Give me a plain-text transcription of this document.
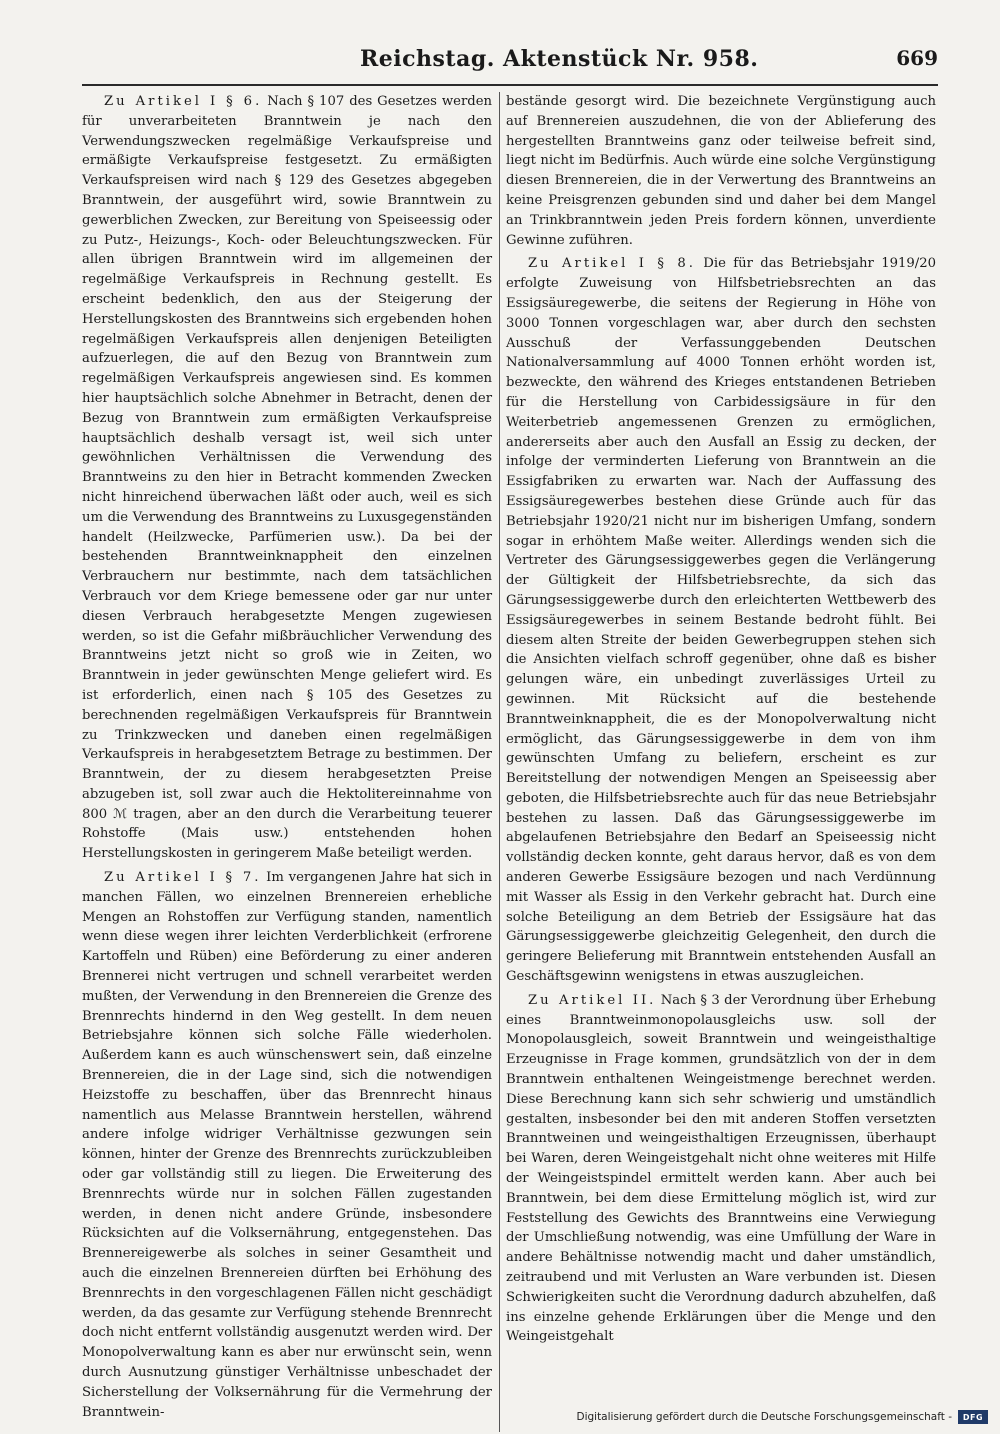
Reichstag. Aktenstück Nr. 958.	669

Zu Artikel I § 6. Nach § 107 des Gesetzes werden für unverarbeiteten Branntwein je nach den Verwendungszwecken regelmäßige Verkaufspreise und ermäßigte Verkaufspreise festgesetzt. Zu ermäßigten Verkaufspreisen wird nach § 129 des Gesetzes abgegeben Branntwein, der ausgeführt wird, sowie Branntwein zu gewerblichen Zwecken, zur Bereitung von Speiseessig oder zu Putz-, Heizungs-, Koch- oder Beleuchtungszwecken. Für allen übrigen Branntwein wird im allgemeinen der regelmäßige Verkaufspreis in Rechnung gestellt. Es erscheint bedenklich, den aus der Steigerung der Herstellungskosten des Branntweins sich ergebenden hohen regelmäßigen Verkaufspreis allen denjenigen Beteiligten aufzuerlegen, die auf den Bezug von Branntwein zum regelmäßigen Verkaufspreis angewiesen sind. Es kommen hier hauptsächlich solche Abnehmer in Betracht, denen der Bezug von Branntwein zum ermäßigten Verkaufspreise hauptsächlich deshalb versagt ist, weil sich unter gewöhnlichen Verhältnissen die Verwendung des Branntweins zu den hier in Betracht kommenden Zwecken nicht hinreichend überwachen läßt oder auch, weil es sich um die Verwendung des Branntweins zu Luxusgegenständen handelt (Heilzwecke, Parfümerien usw.). Da bei der bestehenden Branntweinknappheit den einzelnen Verbrauchern nur bestimmte, nach dem tatsächlichen Verbrauch vor dem Kriege bemessene oder gar nur unter diesen Verbrauch herabgesetzte Mengen zugewiesen werden, so ist die Gefahr mißbräuchlicher Verwendung des Branntweins jetzt nicht so groß wie in Zeiten, wo Branntwein in jeder gewünschten Menge geliefert wird. Es ist erforderlich, einen nach § 105 des Gesetzes zu berechnenden regelmäßigen Verkaufspreis für Branntwein zu Trinkzwecken und daneben einen regelmäßigen Verkaufspreis in herabgesetztem Betrage zu bestimmen. Der Branntwein, der zu diesem herabgesetzten Preise abzugeben ist, soll zwar auch die Hektolitereinnahme von 800 ℳ tragen, aber an den durch die Verarbeitung teuerer Rohstoffe (Mais usw.) entstehenden hohen Herstellungskosten in geringerem Maße beteiligt werden.

Zu Artikel I § 7. Im vergangenen Jahre hat sich in manchen Fällen, wo einzelnen Brennereien erhebliche Mengen an Rohstoffen zur Verfügung standen, namentlich wenn diese wegen ihrer leichten Verderblichkeit (erfrorene Kartoffeln und Rüben) eine Beförderung zu einer anderen Brennerei nicht vertrugen und schnell verarbeitet werden mußten, der Verwendung in den Brennereien die Grenze des Brennrechts hindernd in den Weg gestellt. In dem neuen Betriebsjahre können sich solche Fälle wiederholen. Außerdem kann es auch wünschenswert sein, daß einzelne Brennereien, die in der Lage sind, sich die notwendigen Heizstoffe zu beschaffen, über das Brennrecht hinaus namentlich aus Melasse Branntwein herstellen, während andere infolge widriger Verhältnisse gezwungen sein können, hinter der Grenze des Brennrechts zurückzubleiben oder gar vollständig still zu liegen. Die Erweiterung des Brennrechts würde nur in solchen Fällen zugestanden werden, in denen nicht andere Gründe, insbesondere Rücksichten auf die Volksernährung, entgegenstehen. Das Brennereigewerbe als solches in seiner Gesamtheit und auch die einzelnen Brennereien dürften bei Erhöhung des Brennrechts in den vorgeschlagenen Fällen nicht geschädigt werden, da das gesamte zur Verfügung stehende Brennrecht doch nicht entfernt vollständig ausgenutzt werden wird. Der Monopolverwaltung kann es aber nur erwünscht sein, wenn durch Ausnutzung günstiger Verhältnisse unbeschadet der Sicherstellung der Volksernährung für die Vermehrung der Branntwein-

bestände gesorgt wird. Die bezeichnete Vergünstigung auch auf Brennereien auszudehnen, die von der Ablieferung des hergestellten Branntweins ganz oder teilweise befreit sind, liegt nicht im Bedürfnis. Auch würde eine solche Vergünstigung diesen Brennereien, die in der Verwertung des Branntweins an keine Preisgrenzen gebunden sind und daher bei dem Mangel an Trinkbranntwein jeden Preis fordern können, unverdiente Gewinne zuführen.

Zu Artikel I § 8. Die für das Betriebsjahr 1919/20 erfolgte Zuweisung von Hilfsbetriebsrechten an das Essigsäuregewerbe, die seitens der Regierung in Höhe von 3000 Tonnen vorgeschlagen war, aber durch den sechsten Ausschuß der Verfassunggebenden Deutschen Nationalversammlung auf 4000 Tonnen erhöht worden ist, bezweckte, den während des Krieges entstandenen Betrieben für die Herstellung von Carbidessigsäure in für den Weiterbetrieb angemessenen Grenzen zu ermöglichen, andererseits aber auch den Ausfall an Essig zu decken, der infolge der verminderten Lieferung von Branntwein an die Essigfabriken zu erwarten war. Nach der Auffassung des Essigsäuregewerbes bestehen diese Gründe auch für das Betriebsjahr 1920/21 nicht nur im bisherigen Umfang, sondern sogar in erhöhtem Maße weiter. Allerdings wenden sich die Vertreter des Gärungsessiggewerbes gegen die Verlängerung der Gültigkeit der Hilfsbetriebsrechte, da sich das Gärungsessiggewerbe durch den erleichterten Wettbewerb des Essigsäuregewerbes in seinem Bestande bedroht fühlt. Bei diesem alten Streite der beiden Gewerbegruppen stehen sich die Ansichten vielfach schroff gegenüber, ohne daß es bisher gelungen wäre, ein unbedingt zuverlässiges Urteil zu gewinnen. Mit Rücksicht auf die bestehende Branntweinknappheit, die es der Monopolverwaltung nicht ermöglicht, das Gärungsessiggewerbe in dem von ihm gewünschten Umfang zu beliefern, erscheint es zur Bereitstellung der notwendigen Mengen an Speiseessig aber geboten, die Hilfsbetriebsrechte auch für das neue Betriebsjahr bestehen zu lassen. Daß das Gärungsessiggewerbe im abgelaufenen Betriebsjahre den Bedarf an Speiseessig nicht vollständig decken konnte, geht daraus hervor, daß es von dem anderen Gewerbe Essigsäure bezogen und nach Verdünnung mit Wasser als Essig in den Verkehr gebracht hat. Durch eine solche Beteiligung an dem Betrieb der Essigsäure hat das Gärungsessiggewerbe gleichzeitig Gelegenheit, den durch die geringere Belieferung mit Branntwein entstehenden Ausfall an Geschäftsgewinn wenigstens in etwas auszugleichen.

Zu Artikel II. Nach § 3 der Verordnung über Erhebung eines Branntweinmonopolausgleichs usw. soll der Monopolausgleich, soweit Branntwein und weingeisthaltige Erzeugnisse in Frage kommen, grundsätzlich von der in dem Branntwein enthaltenen Weingeistmenge berechnet werden. Diese Berechnung kann sich sehr schwierig und umständlich gestalten, insbesonder bei den mit anderen Stoffen versetzten Branntweinen und weingeisthaltigen Erzeugnissen, überhaupt bei Waren, deren Weingeistgehalt nicht ohne weiteres mit Hilfe der Weingeistspindel ermittelt werden kann. Aber auch bei Branntwein, bei dem diese Ermittelung möglich ist, wird zur Feststellung des Gewichts des Branntweins eine Verwiegung der Umschließung notwendig, was eine Umfüllung der Ware in andere Behältnisse notwendig macht und daher umständlich, zeitraubend und mit Verlusten an Ware verbunden ist. Diesen Schwierigkeiten sucht die Verordnung dadurch abzuhelfen, daß ins einzelne gehende Erklärungen über die Menge und den Weingeistgehalt

Digitalisierung gefördert durch die Deutsche Forschungsgemeinschaft -	DFG
